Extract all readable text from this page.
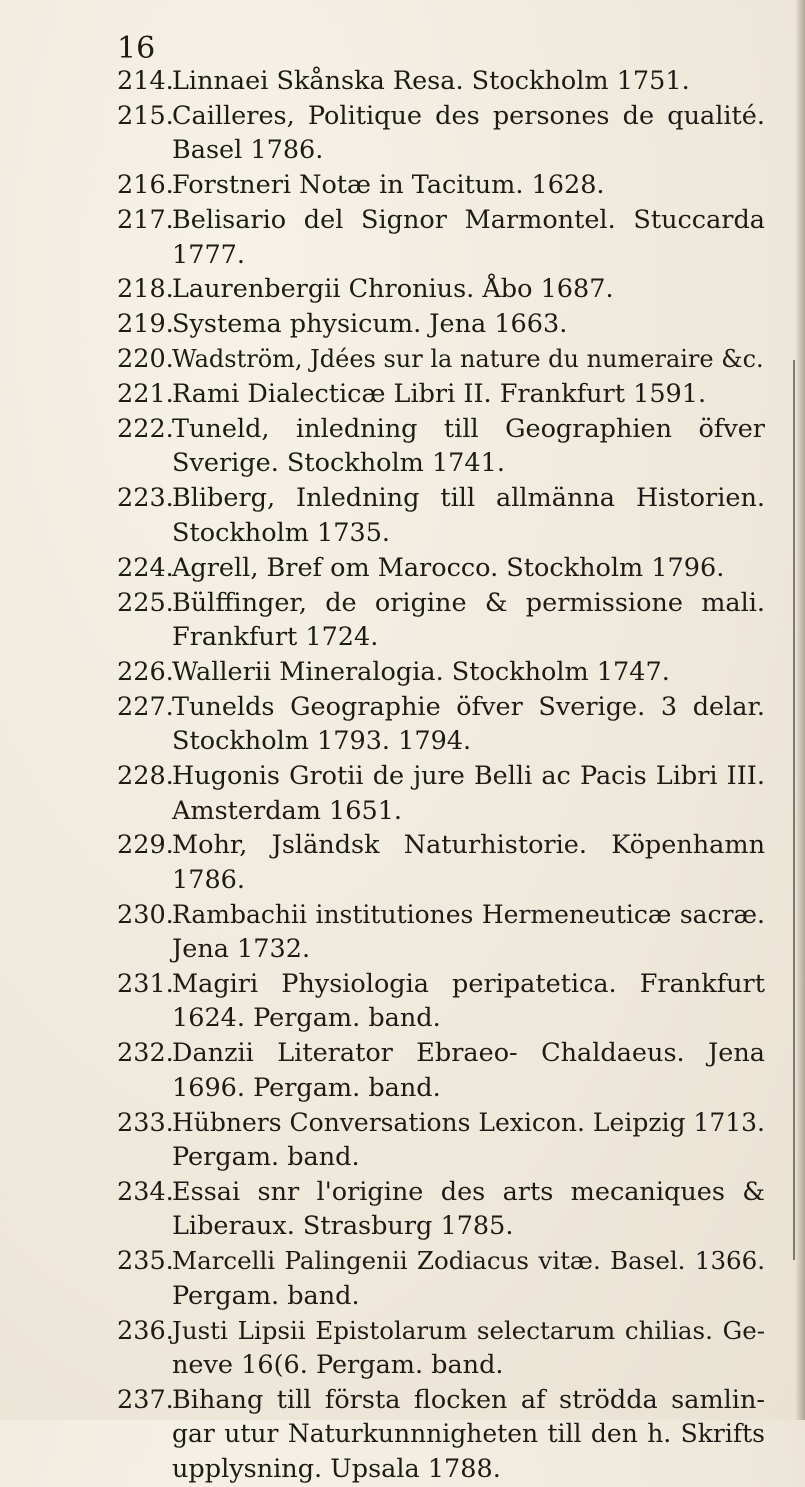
16
214.
Linnaei Skånska Resa. Stockholm 1751.
215.
Cailleres, Politique des persones de qualité.
Basel 1786.
216.
Forstneri Notæ in Tacitum. 1628.
217.
Belisario del Signor Marmontel. Stuccarda
1777.
218.
Laurenbergii Chronius. Åbo 1687.
219.
Systema physicum. Jena 1663.
220.
Wadström, Jdées sur la nature du numeraire &c.
221.
Rami Dialecticæ Libri II. Frankfurt 1591.
222.
Tuneld, inledning till Geographien öfver
Sverige. Stockholm 1741.
223.
Bliberg, Inledning till allmänna Historien.
Stockholm 1735.
224.
Agrell, Bref om Marocco. Stockholm 1796.
225.
Bülffinger, de origine & permissione mali.
Frankfurt 1724.
226.
Wallerii Mineralogia. Stockholm 1747.
227.
Tunelds Geographie öfver Sverige. 3 delar.
Stockholm 1793. 1794.
228.
Hugonis Grotii de jure Belli ac Pacis Libri III.
Amsterdam 1651.
229.
Mohr, Jsländsk Naturhistorie. Köpenhamn
1786.
230.
Rambachii institutiones Hermeneuticæ sacræ.
Jena 1732.
231.
Magiri Physiologia peripatetica. Frankfurt
1624. Pergam. band.
232.
Danzii Literator Ebraeo- Chaldaeus. Jena
1696. Pergam. band.
233.
Hübners Conversations Lexicon. Leipzig 1713.
Pergam. band.
234.
Essai snr l'origine des arts mecaniques &
Liberaux. Strasburg 1785.
235.
Marcelli Palingenii Zodiacus vitæ. Basel. 1366.
Pergam. band.
236.
Justi Lipsii Epistolarum selectarum chilias. Ge-
neve 16(6. Pergam. band.
237.
Bihang till första flocken af strödda samlin-
gar utur Naturkunnnigheten till den h. Skrifts
upplysning. Upsala 1788.
